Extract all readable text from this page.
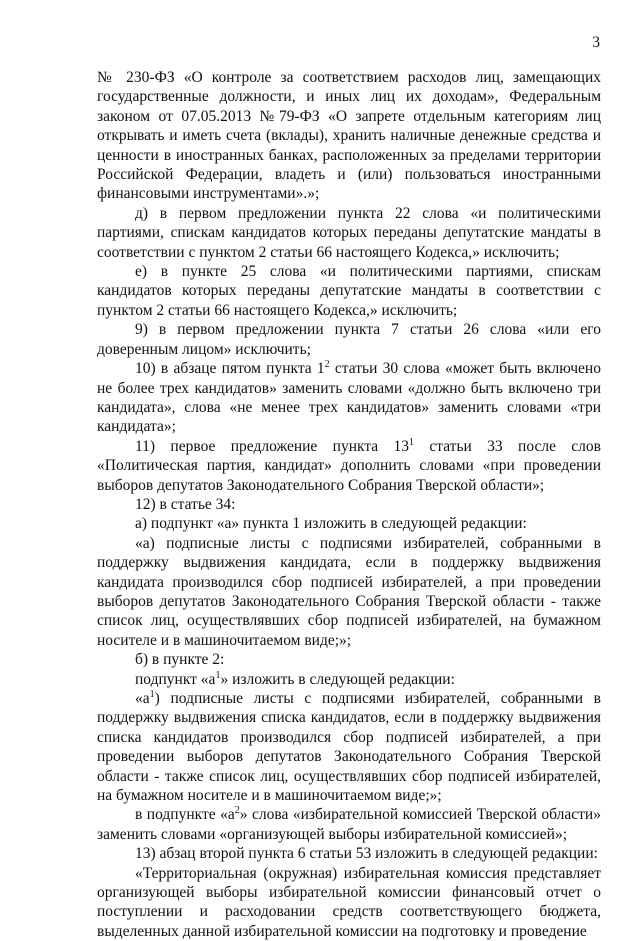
3

№ 230-ФЗ «О контроле за соответствием расходов лиц, замещающих государственные должности, и иных лиц их доходам», Федеральным законом от 07.05.2013 №79-ФЗ «О запрете отдельным категориям лиц открывать и иметь счета (вклады), хранить наличные денежные средства и ценности в иностранных банках, расположенных за пределами территории Российской Федерации, владеть и (или) пользоваться иностранными финансовыми инструментами».»;

д) в первом предложении пункта 22 слова «и политическими партиями, спискам кандидатов которых переданы депутатские мандаты в соответствии с пунктом 2 статьи 66 настоящего Кодекса,» исключить;

е) в пункте 25 слова «и политическими партиями, спискам кандидатов которых переданы депутатские мандаты в соответствии с пунктом 2 статьи 66 настоящего Кодекса,» исключить;

9) в первом предложении пункта 7 статьи 26 слова «или его доверенным лицом» исключить;

10) в абзаце пятом пункта $1^2$ статьи 30 слова «может быть включено не более трех кандидатов» заменить словами «должно быть включено три кандидата», слова «не менее трех кандидатов» заменить словами «три кандидата»;

11) первое предложение пункта $13^1$ статьи 33 после слов «Политическая партия, кандидат» дополнить словами «при проведении выборов депутатов Законодательного Собрания Тверской области»;

12) в статье 34:

а) подпункт «а» пункта 1 изложить в следующей редакции:

«а) подписные листы с подписями избирателей, собранными в поддержку выдвижения кандидата, если в поддержку выдвижения кандидата производился сбор подписей избирателей, а при проведении выборов депутатов Законодательного Собрания Тверской области - также список лиц, осуществлявших сбор подписей избирателей, на бумажном носителе и в машиночитаемом виде;»;

б) в пункте 2:

подпункт «$а^1$» изложить в следующей редакции:

«$а^1$) подписные листы с подписями избирателей, собранными в поддержку выдвижения списка кандидатов, если в поддержку выдвижения списка кандидатов производился сбор подписей избирателей, а при проведении выборов депутатов Законодательного Собрания Тверской области - также список лиц, осуществлявших сбор подписей избирателей, на бумажном носителе и в машиночитаемом виде;»;

в подпункте «$а^2$» слова «избирательной комиссией Тверской области» заменить словами «организующей выборы избирательной комиссией»;

13) абзац второй пункта 6 статьи 53 изложить в следующей редакции:

«Территориальная (окружная) избирательная комиссия представляет организующей выборы избирательной комиссии финансовый отчет о поступлении и расходовании средств соответствующего бюджета, выделенных данной избирательной комиссии на подготовку и проведение
